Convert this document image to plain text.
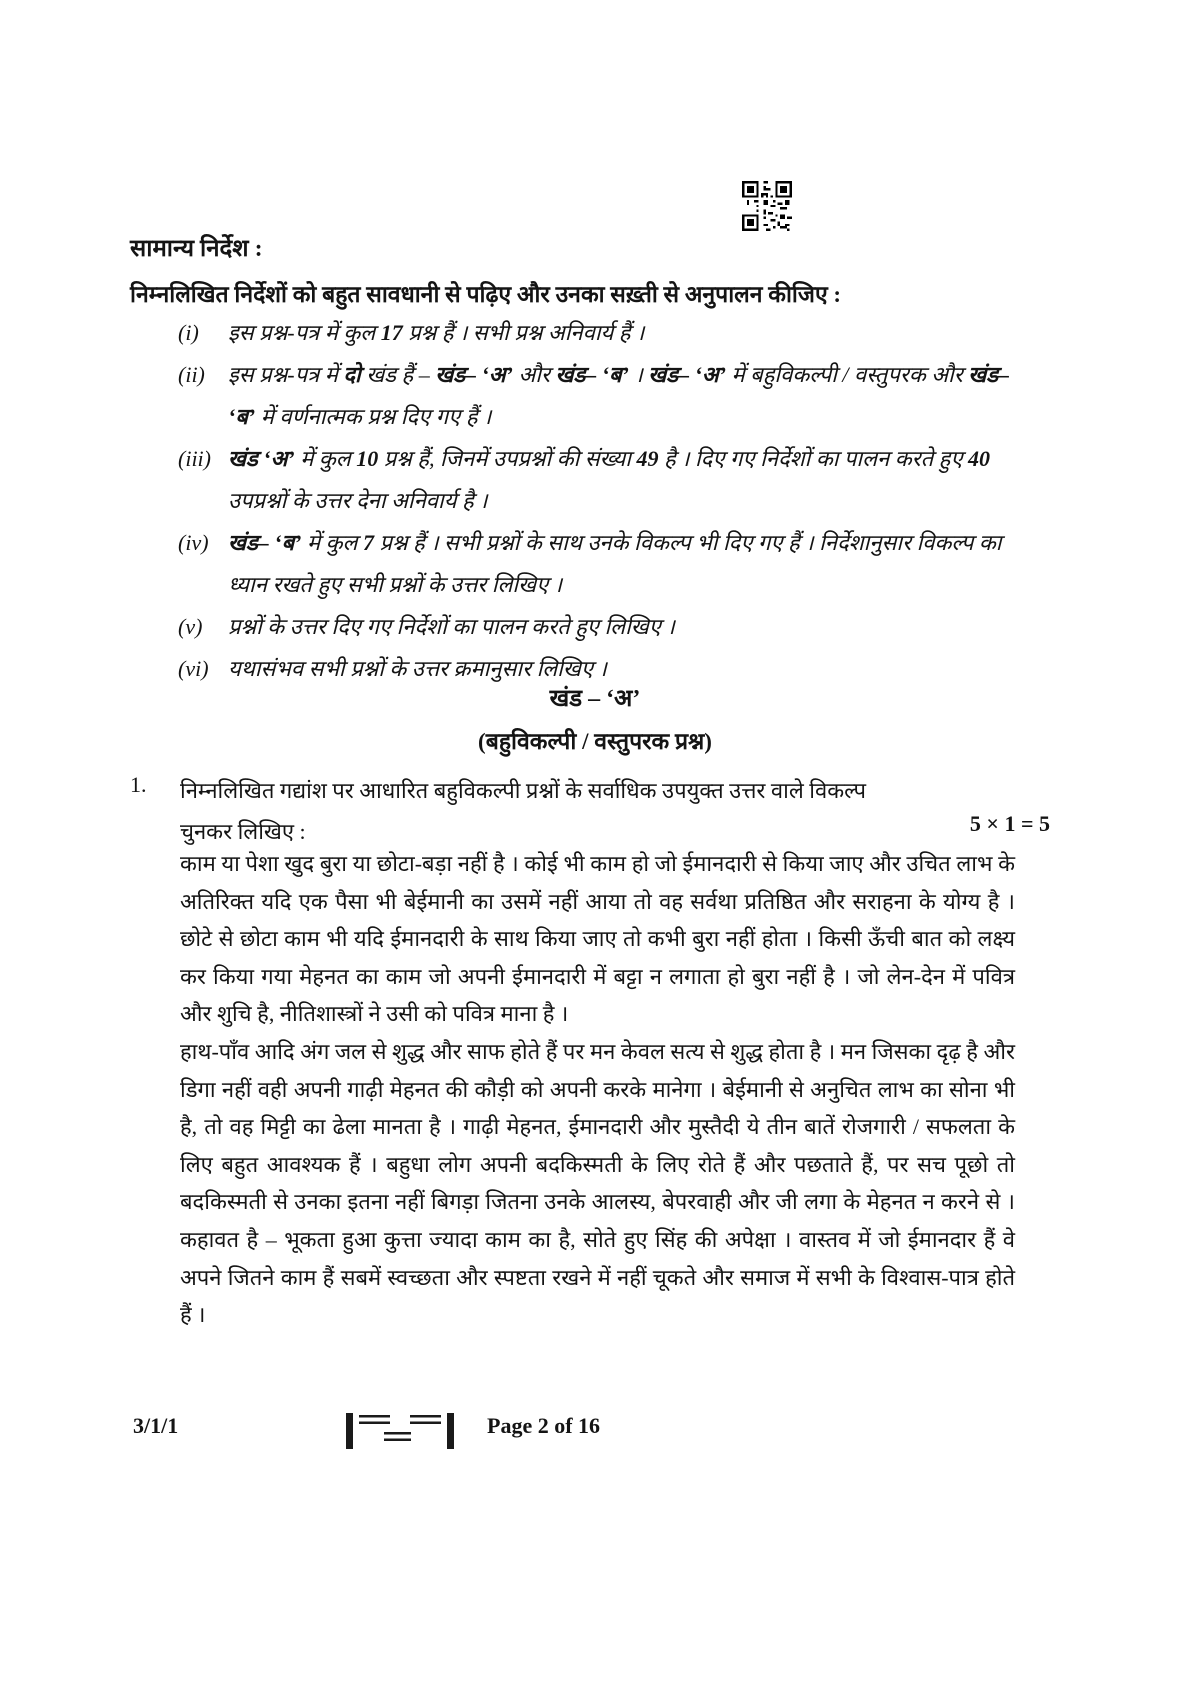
सामान्य निर्देश :
निम्नलिखित निर्देशों को बहुत सावधानी से पढ़िए और उनका सख़्ती से अनुपालन कीजिए :
(i)	इस प्रश्न-पत्र में कुल 17 प्रश्न हैं । सभी प्रश्न अनिवार्य हैं ।
(ii)	इस प्रश्न-पत्र में दो खंड हैं – खंड– ‘अ’ और खंड– ‘ब’ । खंड– ‘अ’ में बहुविकल्पी / वस्तुपरक और खंड– ‘ब’ में वर्णनात्मक प्रश्न दिए गए हैं ।
(iii) खंड ‘अ’ में कुल 10 प्रश्न हैं, जिनमें उपप्रश्नों की संख्या 49 है । दिए गए निर्देशों का पालन करते हुए 40 उपप्रश्नों के उत्तर देना अनिवार्य है ।
(iv) खंड– ‘ब’ में कुल 7 प्रश्न हैं । सभी प्रश्नों के साथ उनके विकल्प भी दिए गए हैं । निर्देशानुसार विकल्प का ध्यान रखते हुए सभी प्रश्नों के उत्तर लिखिए ।
(v)	प्रश्नों के उत्तर दिए गए निर्देशों का पालन करते हुए लिखिए ।
(vi) यथासंभव सभी प्रश्नों के उत्तर क्रमानुसार लिखिए ।
खंड – ‘अ’
(बहुविकल्पी / वस्तुपरक प्रश्न)
1. निम्नलिखित गद्यांश पर आधारित बहुविकल्पी प्रश्नों के सर्वाधिक उपयुक्त उत्तर वाले विकल्प
चुनकर लिखिए :	5 × 1 = 5
काम या पेशा खुद बुरा या छोटा-बड़ा नहीं है । कोई भी काम हो जो ईमानदारी से किया जाए और उचित लाभ के अतिरिक्त यदि एक पैसा भी बेईमानी का उसमें नहीं आया तो वह सर्वथा प्रतिष्ठित और सराहना के योग्य है । छोटे से छोटा काम भी यदि ईमानदारी के साथ किया जाए तो कभी बुरा नहीं होता । किसी ऊँची बात को लक्ष्य कर किया गया मेहनत का काम जो अपनी ईमानदारी में बट्टा न लगाता हो बुरा नहीं है । जो लेन-देन में पवित्र और शुचि है, नीतिशास्त्रों ने उसी को पवित्र माना है ।
हाथ-पाँव आदि अंग जल से शुद्ध और साफ होते हैं पर मन केवल सत्य से शुद्ध होता है । मन जिसका दृढ़ है और डिगा नहीं वही अपनी गाढ़ी मेहनत की कौड़ी को अपनी करके मानेगा । बेईमानी से अनुचित लाभ का सोना भी है, तो वह मिट्टी का ढेला मानता है । गाढ़ी मेहनत, ईमानदारी और मुस्तैदी ये तीन बातें रोजगारी / सफलता के लिए बहुत आवश्यक हैं । बहुधा लोग अपनी बदकिस्मती के लिए रोते हैं और पछताते हैं, पर सच पूछो तो बदकिस्मती से उनका इतना नहीं बिगड़ा जितना उनके आलस्य, बेपरवाही और जी लगा के मेहनत न करने से । कहावत है – भूकता हुआ कुत्ता ज्यादा काम का है, सोते हुए सिंह की अपेक्षा । वास्तव में जो ईमानदार हैं वे अपने जितने काम हैं सबमें स्वच्छता और स्पष्टता रखने में नहीं चूकते और समाज में सभी के विश्वास-पात्र होते हैं ।
3/1/1	Page 2 of 16
